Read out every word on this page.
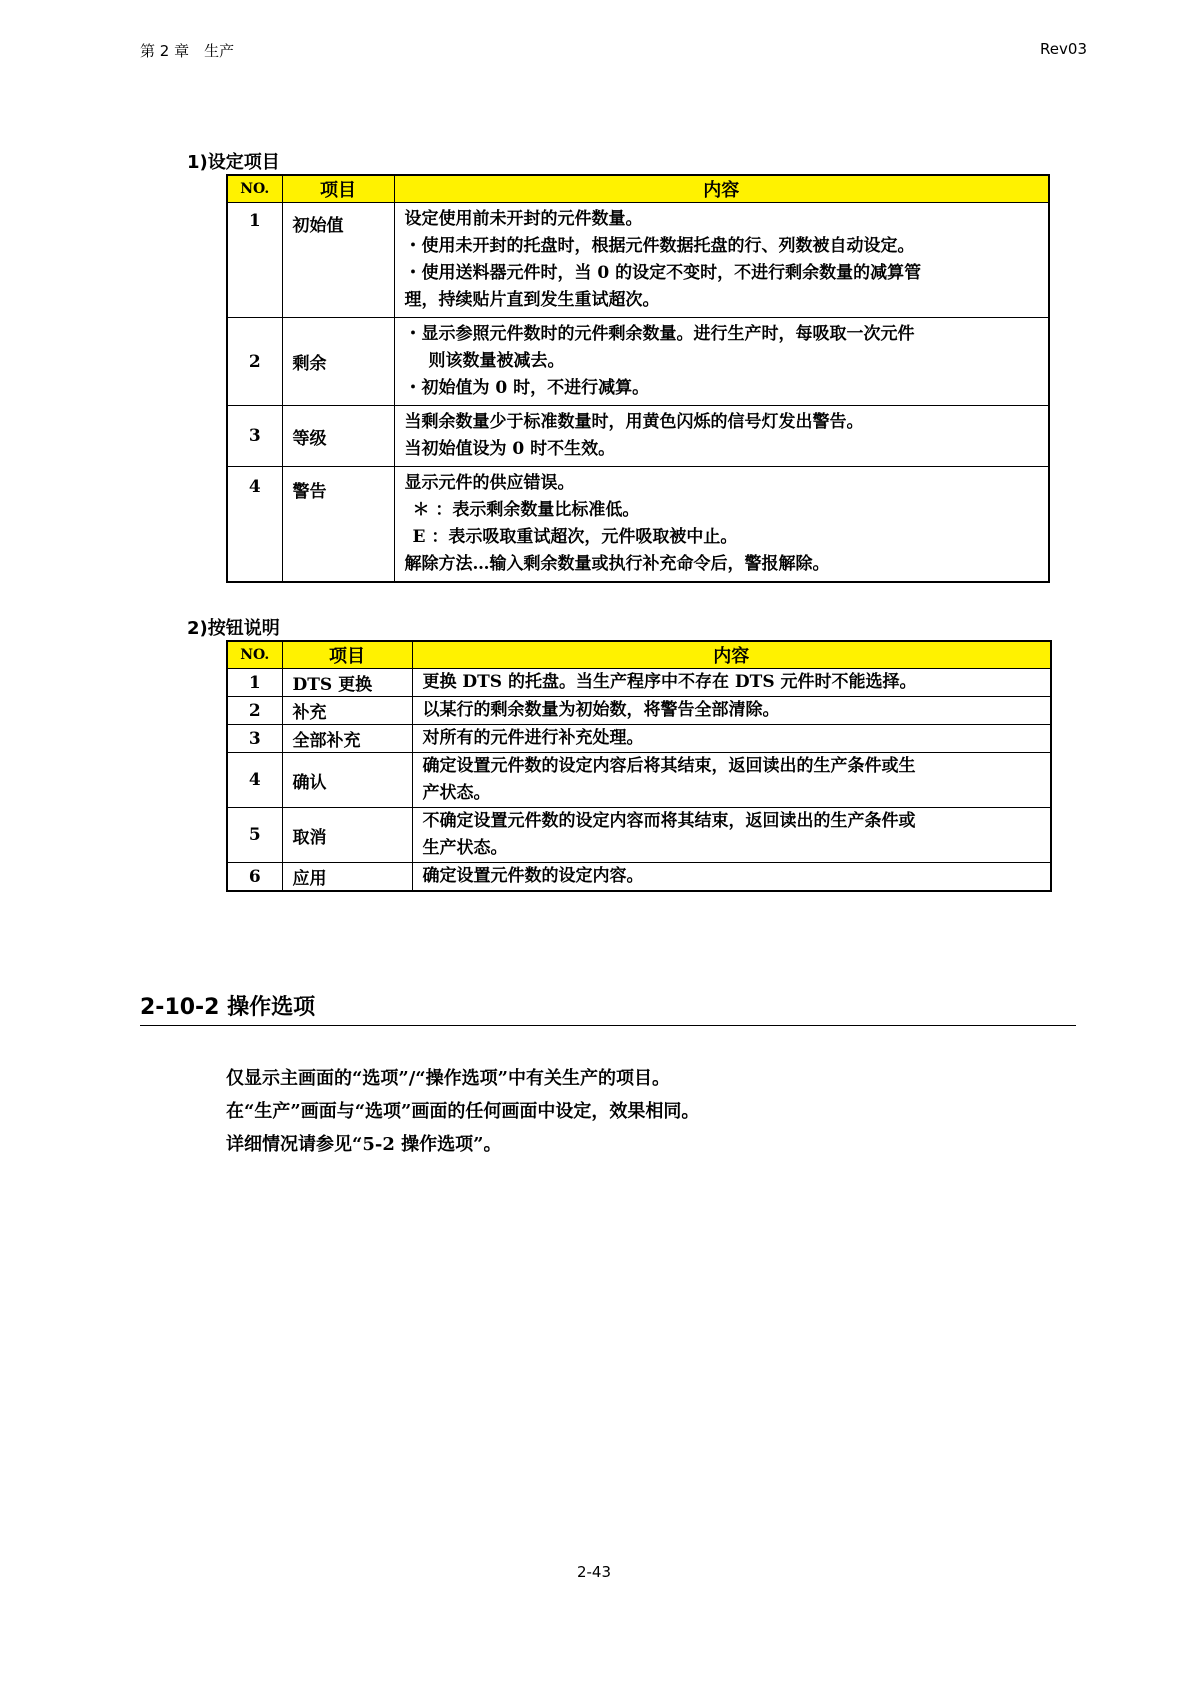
第 2 章　生产	Rev03
1)设定项目
NO.	项目	内容
1	初始值	设定使用前未开封的元件数量。
・使用未开封的托盘时，根据元件数据托盘的行、列数被自动设定。
・使用送料器元件时，当 0 的设定不变时，不进行剩余数量的减算管
理，持续贴片直到发生重试超次。

2	剩余	・显示参照元件数时的元件剩余数量。进行生产时，每吸取一次元件
则该数量被减去。
・初始值为 0 时，不进行减算。

3	等级	当剩余数量少于标准数量时，用黄色闪烁的信号灯发出警告。
当初始值设为 0 时不生效。

4	警告	显示元件的供应错误。
＊ ：表示剩余数量比标准低。
E ：表示吸取重试超次，元件吸取被中止。
解除方法…输入剩余数量或执行补充命令后，警报解除。
2)按钮说明
NO.	项目	内容
1	DTS 更换	更换 DTS 的托盘。当生产程序中不存在 DTS 元件时不能选择。

2	补充	以某行的剩余数量为初始数，将警告全部清除。

3	全部补充	对所有的元件进行补充处理。

4	确认	确定设置元件数的设定内容后将其结束，返回读出的生产条件或生
产状态。

5	取消	不确定设置元件数的设定内容而将其结束，返回读出的生产条件或
生产状态。

6	应用	确定设置元件数的设定内容。
2-10-2 操作选项
仅显示主画面的“选项”/“操作选项”中有关生产的项目。
在“生产”画面与“选项”画面的任何画面中设定，效果相同。
详细情况请参见“5-2 操作选项”。
2-43
